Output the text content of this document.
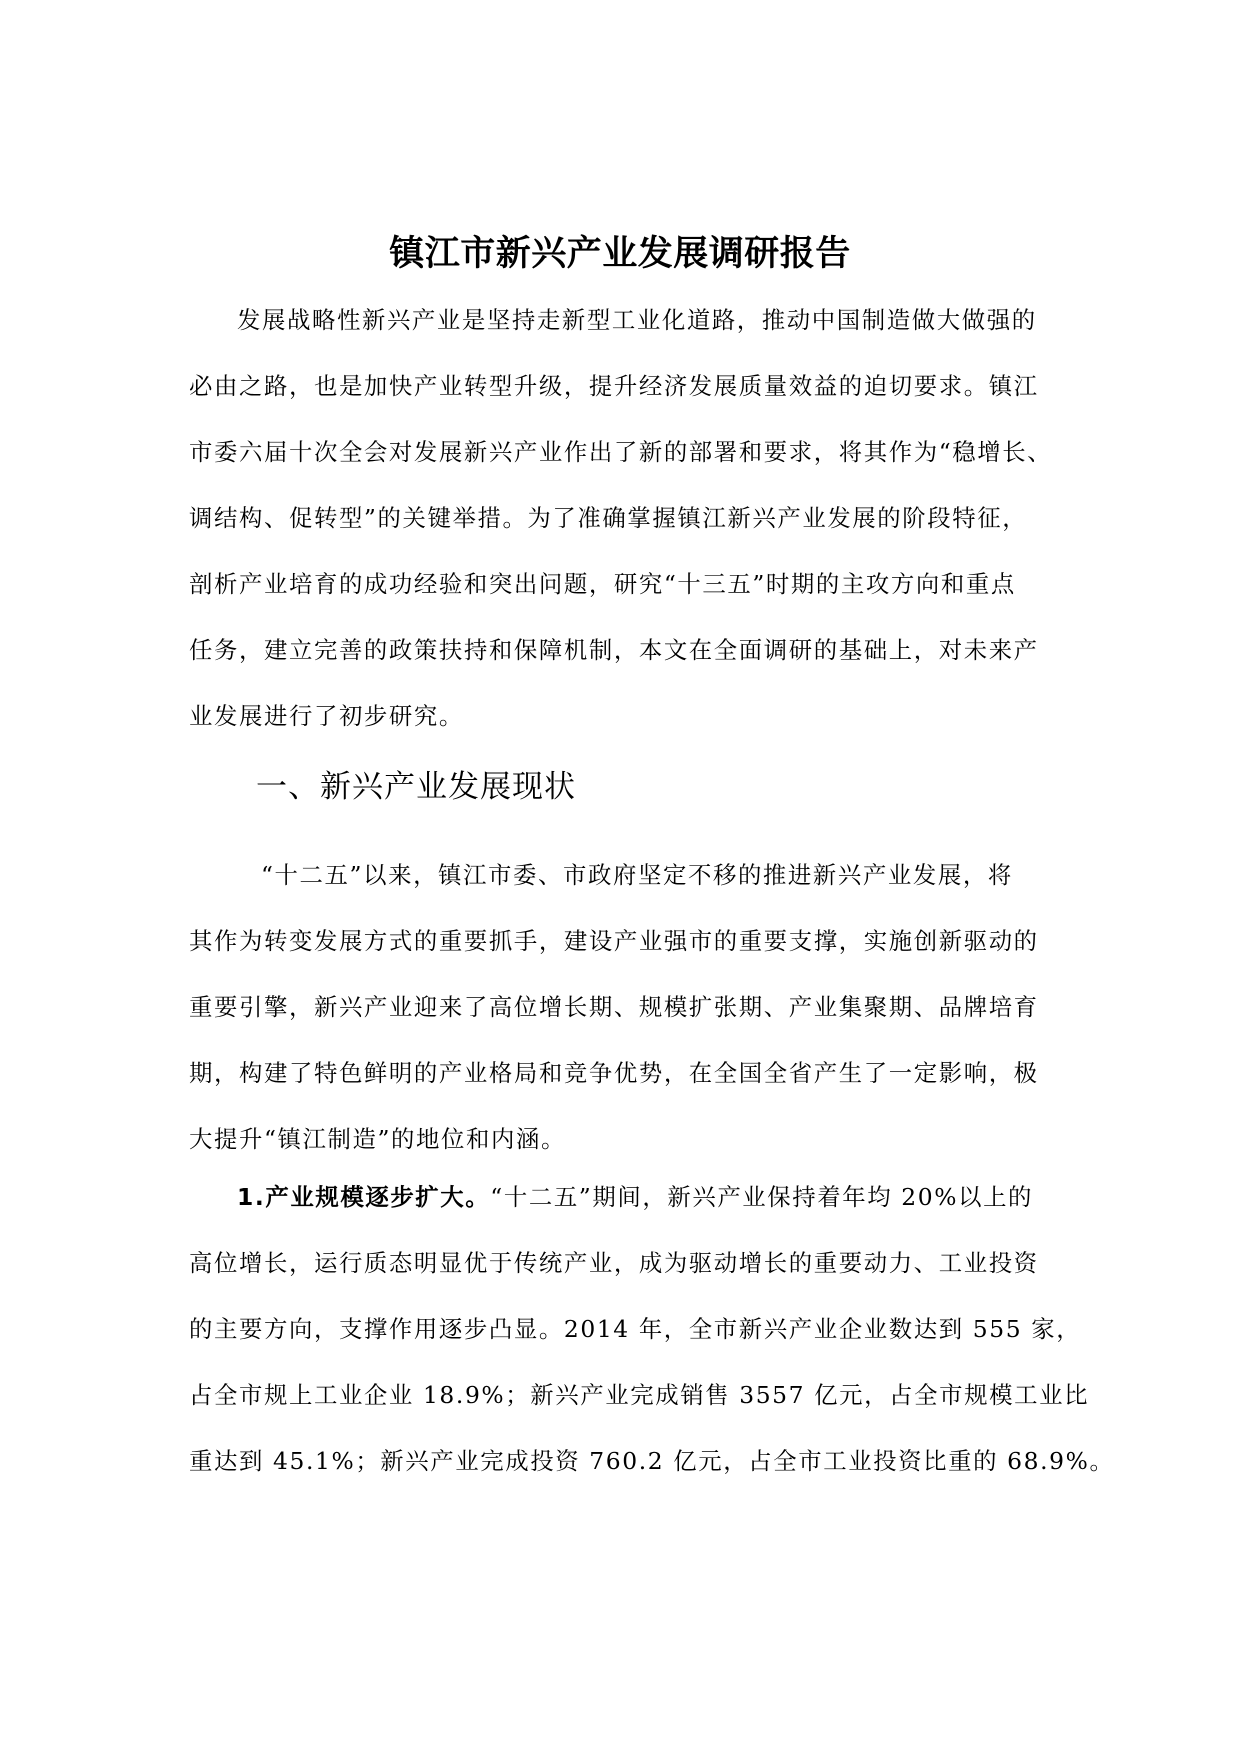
镇江市新兴产业发展调研报告
发展战略性新兴产业是坚持走新型工业化道路，推动中国制造做大做强的
必由之路，也是加快产业转型升级，提升经济发展质量效益的迫切要求。镇江
市委六届十次全会对发展新兴产业作出了新的部署和要求，将其作为“稳增长、
调结构、促转型”的关键举措。为了准确掌握镇江新兴产业发展的阶段特征，
剖析产业培育的成功经验和突出问题，研究“十三五”时期的主攻方向和重点
任务，建立完善的政策扶持和保障机制，本文在全面调研的基础上，对未来产
业发展进行了初步研究。
一、新兴产业发展现状
“十二五”以来，镇江市委、市政府坚定不移的推进新兴产业发展，将
其作为转变发展方式的重要抓手，建设产业强市的重要支撑，实施创新驱动的
重要引擎，新兴产业迎来了高位增长期、规模扩张期、产业集聚期、品牌培育
期，构建了特色鲜明的产业格局和竞争优势，在全国全省产生了一定影响，极
大提升“镇江制造”的地位和内涵。
1.产业规模逐步扩大。“十二五”期间，新兴产业保持着年均 20%以上的
高位增长，运行质态明显优于传统产业，成为驱动增长的重要动力、工业投资
的主要方向，支撑作用逐步凸显。2014 年，全市新兴产业企业数达到 555 家，
占全市规上工业企业 18.9%；新兴产业完成销售 3557 亿元，占全市规模工业比
重达到 45.1%；新兴产业完成投资 760.2 亿元，占全市工业投资比重的 68.9%。
